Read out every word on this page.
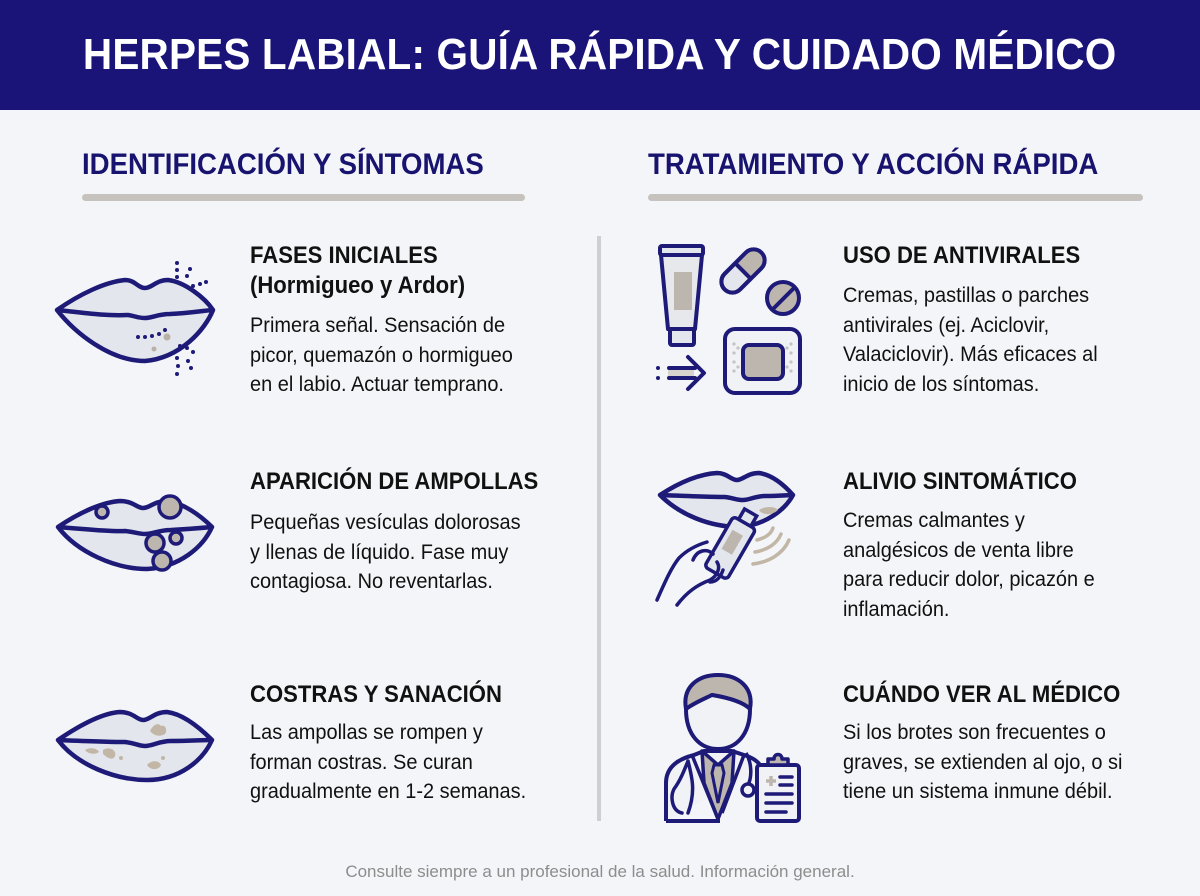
HERPES LABIAL: GUÍA RÁPIDA Y CUIDADO MÉDICO
IDENTIFICACIÓN Y SÍNTOMAS	TRATAMIENTO Y ACCIÓN RÁPIDA
FASES INICIALES
(Hormigueo y Ardor)
Primera señal. Sensación de
picor, quemazón o hormigueo
en el labio. Actuar temprano.
APARICIÓN DE AMPOLLAS
Pequeñas vesículas dolorosas
y llenas de líquido. Fase muy
contagiosa. No reventarlas.
COSTRAS Y SANACIÓN
Las ampollas se rompen y
forman costras. Se curan
gradualmente en 1-2 semanas.
USO DE ANTIVIRALES
Cremas, pastillas o parches
antivirales (ej. Aciclovir,
Valaciclovir). Más eficaces al
inicio de los síntomas.
ALIVIO SINTOMÁTICO
Cremas calmantes y
analgésicos de venta libre
para reducir dolor, picazón e
inflamación.
CUÁNDO VER AL MÉDICO
Si los brotes son frecuentes o
graves, se extienden al ojo, o si
tiene un sistema inmune débil.
Consulte siempre a un profesional de la salud. Información general.
